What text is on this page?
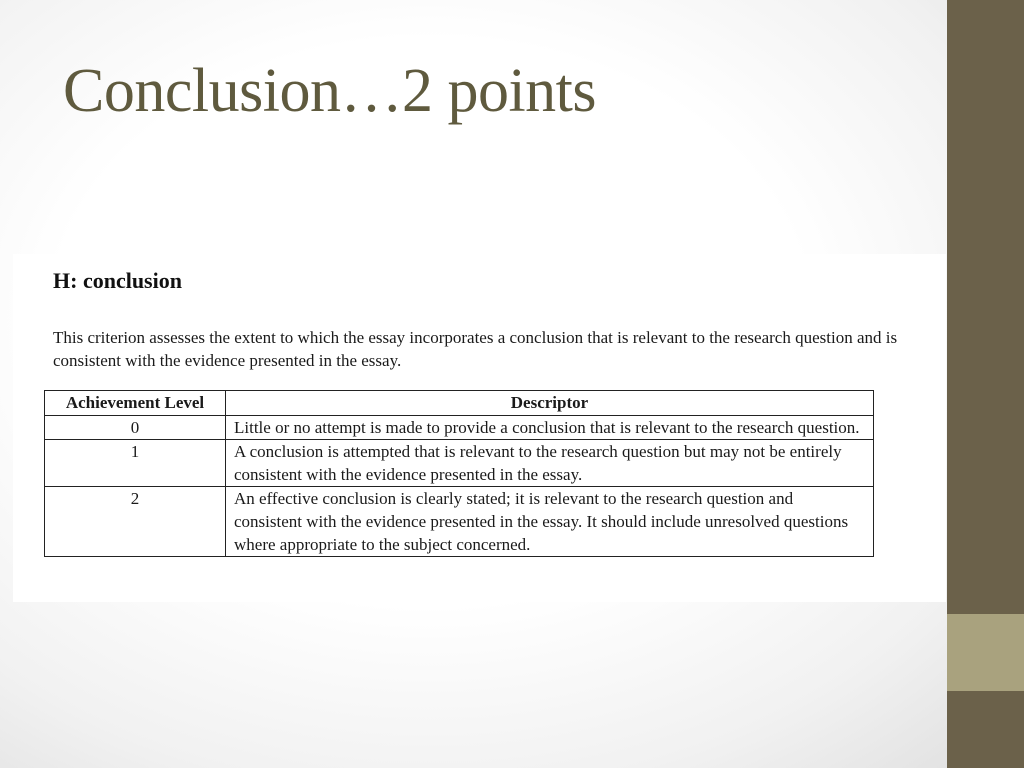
Conclusion…2 points
H: conclusion

This criterion assesses the extent to which the essay incorporates a conclusion that is relevant to the research question and is consistent with the evidence presented in the essay.

Achievement Level	Descriptor
0	Little or no attempt is made to provide a conclusion that is relevant to the research question.
1	A conclusion is attempted that is relevant to the research question but may not be entirely consistent with the evidence presented in the essay.
2	An effective conclusion is clearly stated; it is relevant to the research question and consistent with the evidence presented in the essay. It should include unresolved questions where appropriate to the subject concerned.
